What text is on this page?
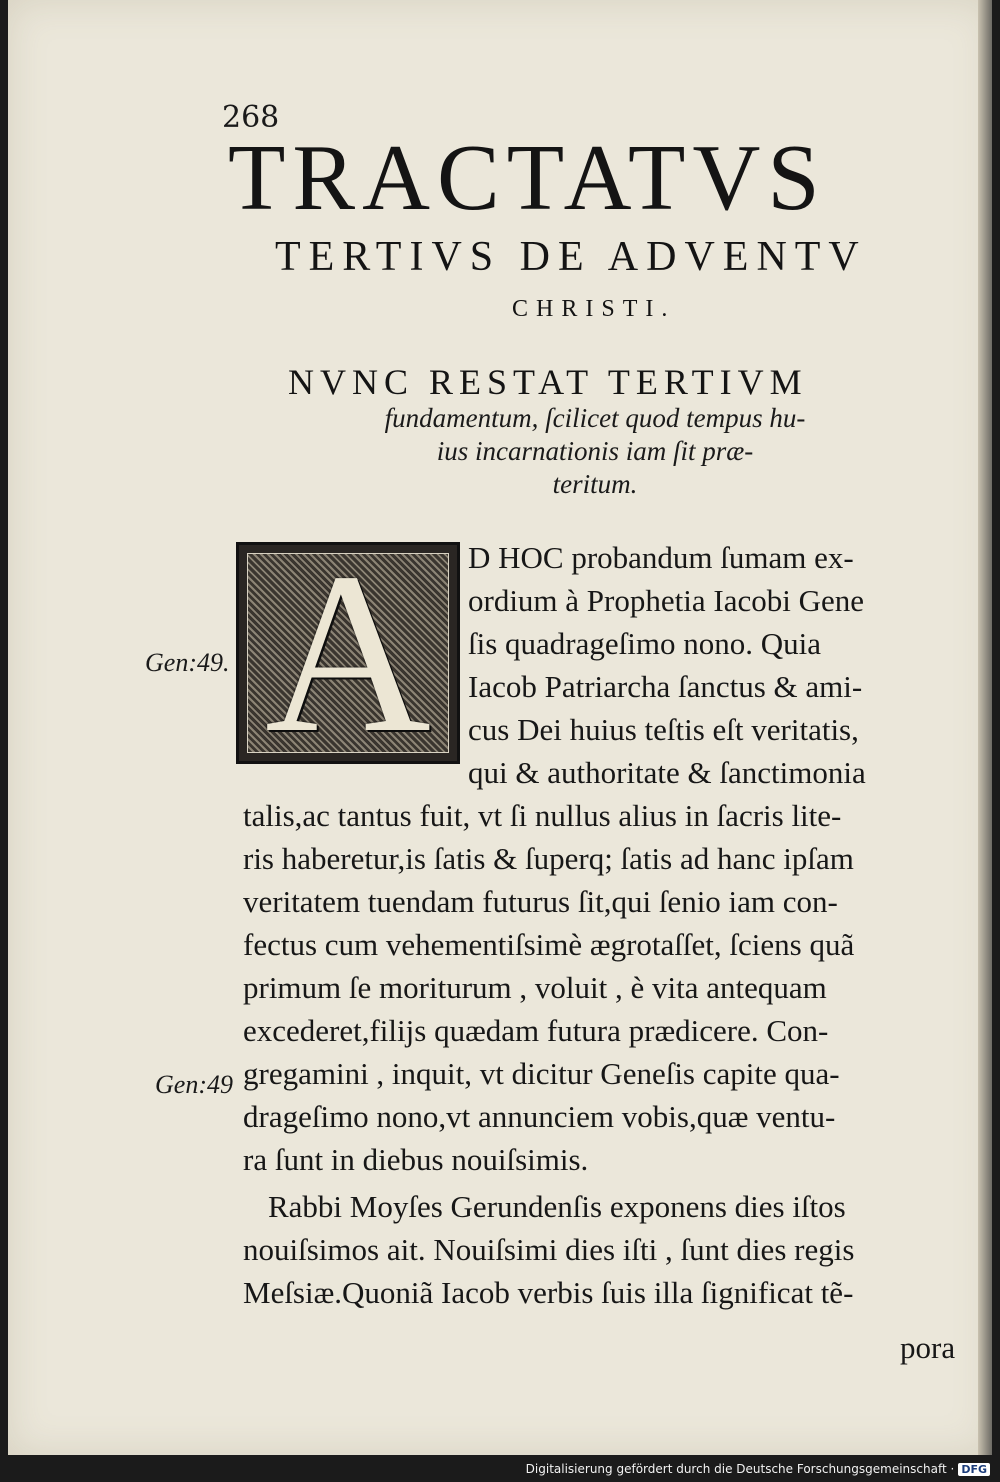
268
TRACTATVS
TERTIVS DE ADVENTV
CHRISTI.
NVNC RESTAT TERTIVM
fundamentum, ſcilicet quod tempus hu-
ius incarnationis iam ſit præ-
teritum.
A
Gen:49.
Gen:49
D HOC probandum ſumam ex-
ordium à Prophetia Iacobi Gene
ſis quadrageſimo nono. Quia
Iacob Patriarcha ſanctus & ami-
cus Dei huius teſtis eſt veritatis,
qui & authoritate & ſanctimonia
talis,ac tantus fuit, vt ſi nullus alius in ſacris lite-
ris haberetur,is ſatis & ſuperq; ſatis ad hanc ipſam
veritatem tuendam futurus ſit,qui ſenio iam con-
fectus cum vehementiſsimè ægrotaſſet, ſciens quã
primum ſe moriturum , voluit , è vita antequam
excederet,filijs quædam futura prædicere. Con-
gregamini , inquit, vt dicitur Geneſis capite qua-
drageſimo nono,vt annunciem vobis,quæ ventu-
ra ſunt in diebus nouiſsimis.
Rabbi Moyſes Gerundenſis exponens dies iſtos
nouiſsimos ait. Nouiſsimi dies iſti , ſunt dies regis
Meſsiæ.Quoniã Iacob verbis ſuis illa ſignificat tẽ-
pora
Digitalisierung gefördert durch die Deutsche Forschungsgemeinschaft · DFG
